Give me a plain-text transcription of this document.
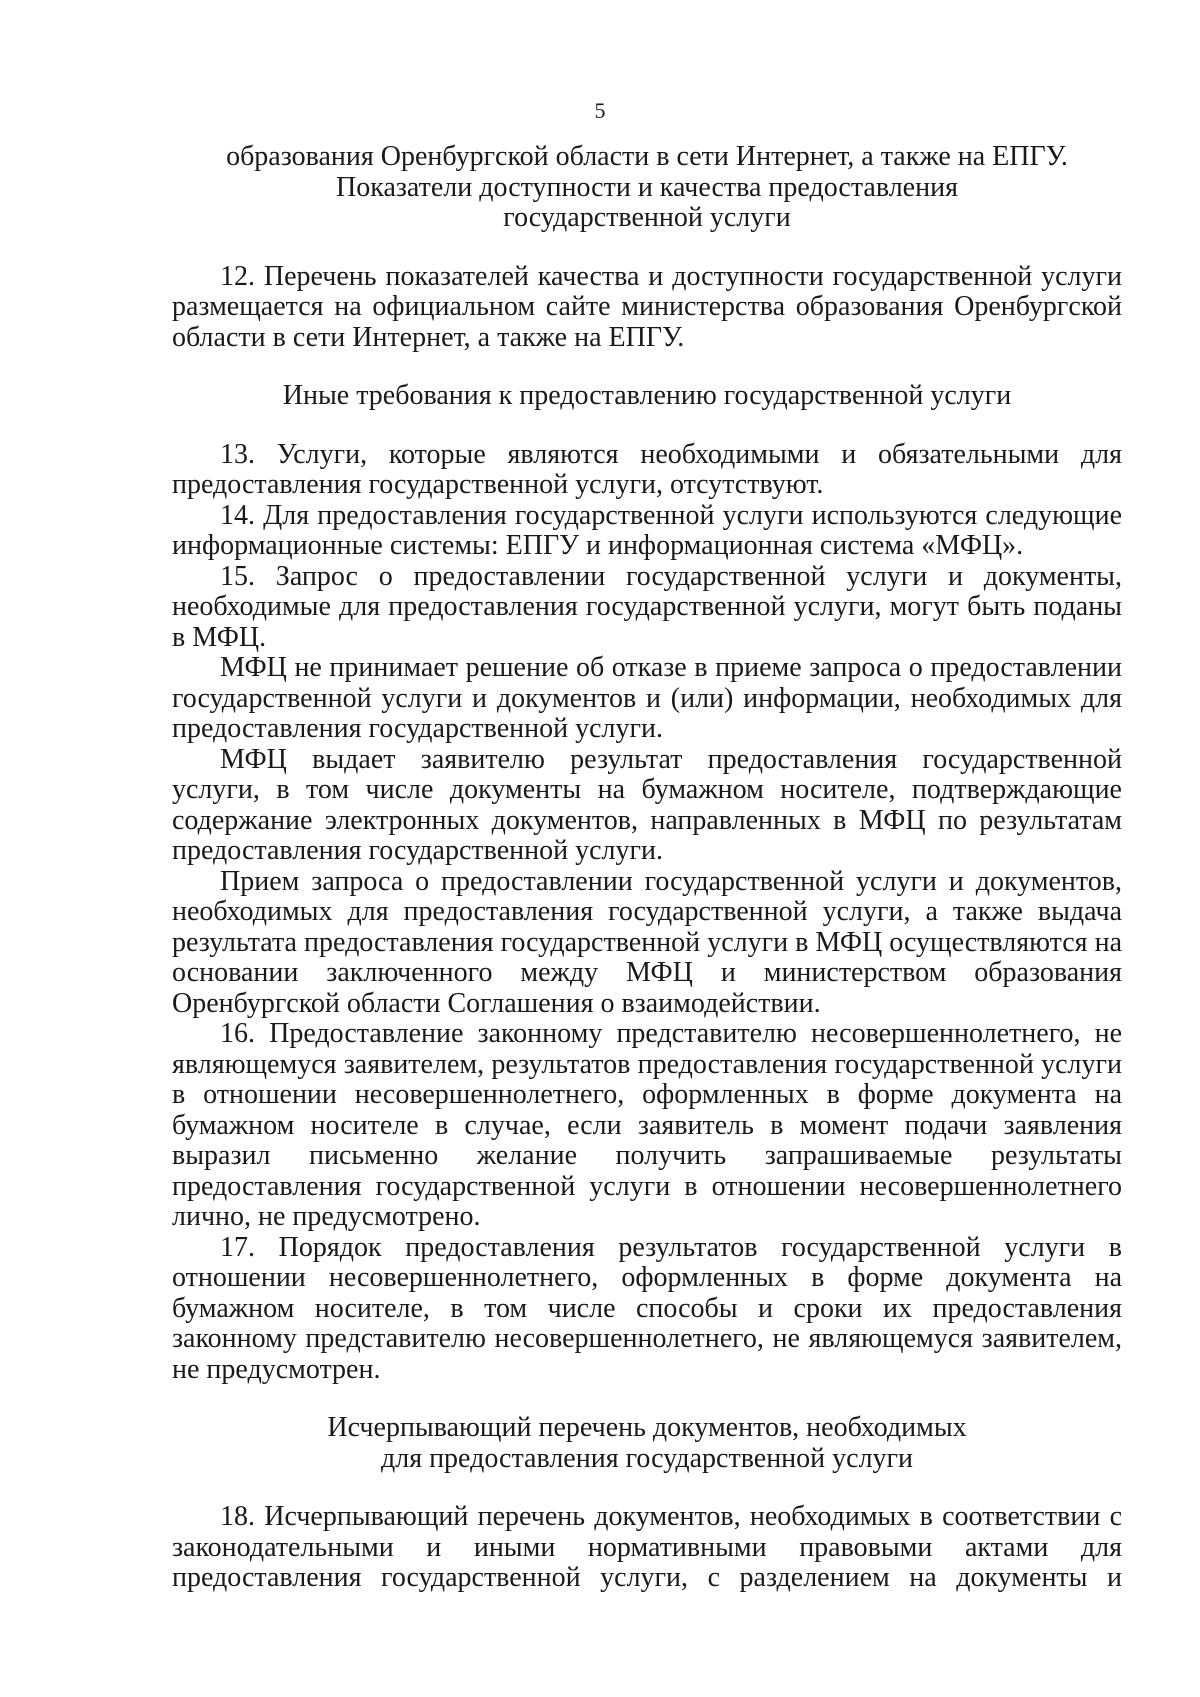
5

образования Оренбургской области в сети Интернет, а также на ЕПГУ.

Показатели доступности и качества предоставления
государственной услуги

12. Перечень показателей качества и доступности государственной услуги размещается на официальном сайте министерства образования Оренбургской области в сети Интернет, а также на ЕПГУ.

Иные требования к предоставлению государственной услуги

13. Услуги, которые являются необходимыми и обязательными для предоставления государственной услуги, отсутствуют.

14. Для предоставления государственной услуги используются следующие информационные системы: ЕПГУ и информационная система «МФЦ».

15. Запрос о предоставлении государственной услуги и документы, необходимые для предоставления государственной услуги, могут быть поданы в МФЦ.

МФЦ не принимает решение об отказе в приеме запроса о предоставлении государственной услуги и документов и (или) информации, необходимых для предоставления государственной услуги.

МФЦ выдает заявителю результат предоставления государственной услуги, в том числе документы на бумажном носителе, подтверждающие содержание электронных документов, направленных в МФЦ по результатам предоставления государственной услуги.

Прием запроса о предоставлении государственной услуги и документов, необходимых для предоставления государственной услуги, а также выдача результата предоставления государственной услуги в МФЦ осуществляются на основании заключенного между МФЦ и министерством образования Оренбургской области Соглашения о взаимодействии.

16. Предоставление законному представителю несовершеннолетнего, не являющемуся заявителем, результатов предоставления государственной услуги в отношении несовершеннолетнего, оформленных в форме документа на бумажном носителе в случае, если заявитель в момент подачи заявления выразил письменно желание получить запрашиваемые результаты предоставления государственной услуги в отношении несовершеннолетнего лично, не предусмотрено.

17. Порядок предоставления результатов государственной услуги в отношении несовершеннолетнего, оформленных в форме документа на бумажном носителе, в том числе способы и сроки их предоставления законному представителю несовершеннолетнего, не являющемуся заявителем, не предусмотрен.

Исчерпывающий перечень документов, необходимых
для предоставления государственной услуги

18. Исчерпывающий перечень документов, необходимых в соответствии с законодательными и иными нормативными правовыми актами для предоставления государственной услуги, с разделением на документы и
